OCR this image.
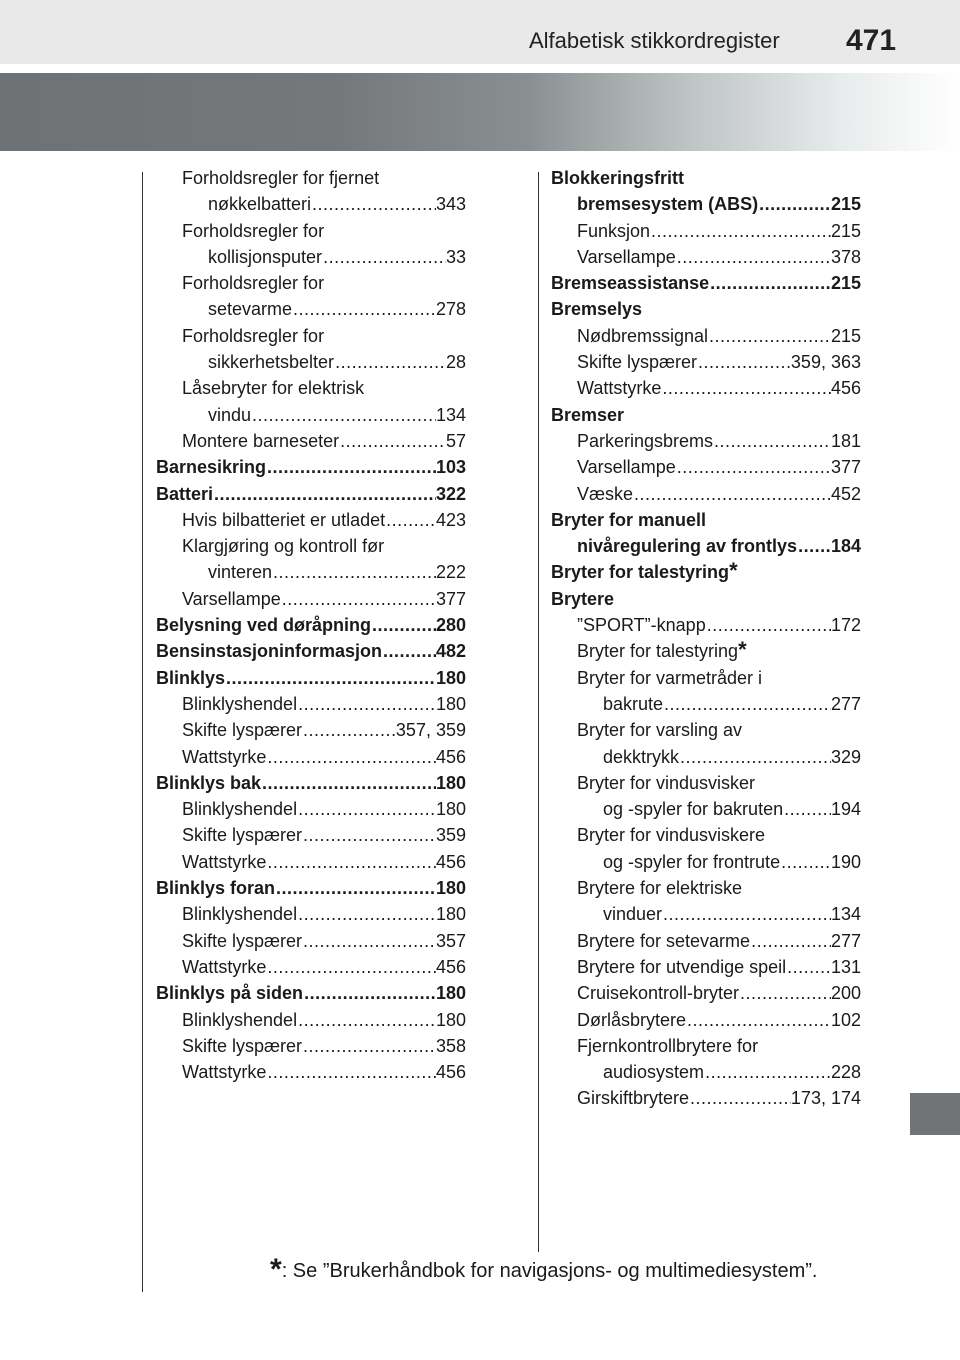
Alfabetisk stikkordregister 471
Forholdsregler for fjernet
nøkkelbatteri .....	343
Forholdsregler for
kollisjonsputer .....	33
Forholdsregler for
setevarme .....	278
Forholdsregler for
sikkerhetsbelter .....	28
Låsebryter for elektrisk
vindu .....	134
Montere barneseter .....	57
Barnesikring .....	103
Batteri .....	322
Hvis bilbatteriet er utladet .....	423
Klargjøring og kontroll før
vinteren .....	222
Varsellampe .....	377
Belysning ved døråpning .....	280
Bensinstasjoninformasjon .....	482
Blinklys .....	180
Blinklyshendel .....	180
Skifte lyspærer .....	357, 359
Wattstyrke .....	456
Blinklys bak .....	180
Blinklyshendel .....	180
Skifte lyspærer .....	359
Wattstyrke .....	456
Blinklys foran .....	180
Blinklyshendel .....	180
Skifte lyspærer .....	357
Wattstyrke .....	456
Blinklys på siden .....	180
Blinklyshendel .....	180
Skifte lyspærer .....	358
Wattstyrke .....	456
Blokkeringsfritt
bremsesystem (ABS) .....	215
Funksjon .....	215
Varsellampe .....	378
Bremseassistanse .....	215
Bremselys
Nødbremssignal .....	215
Skifte lyspærer .....	359, 363
Wattstyrke .....	456
Bremser
Parkeringsbrems .....	181
Varsellampe .....	377
Væske .....	452
Bryter for manuell
nivåregulering av frontlys ..... 184
Bryter for talestyring *
Brytere
”SPORT”-knapp .....	172
Bryter for talestyring *
Bryter for varmetråder i
bakrute .....	277
Bryter for varsling av
dekktrykk .....	329
Bryter for vindusvisker
og -spyler for bakruten .....	194
Bryter for vindusviskere
og -spyler for frontrute .....	190
Brytere for elektriske
vinduer .....	134
Brytere for setevarme .....	277
Brytere for utvendige speil ..... 131
Cruisekontroll-bryter .....	200
Dørlåsbrytere .....	102
Fjernkontrollbrytere for
audiosystem .....	228
Girskiftbrytere .....	173, 174
*: Se ”Brukerhåndbok for navigasjons- og multimediesystem”.
